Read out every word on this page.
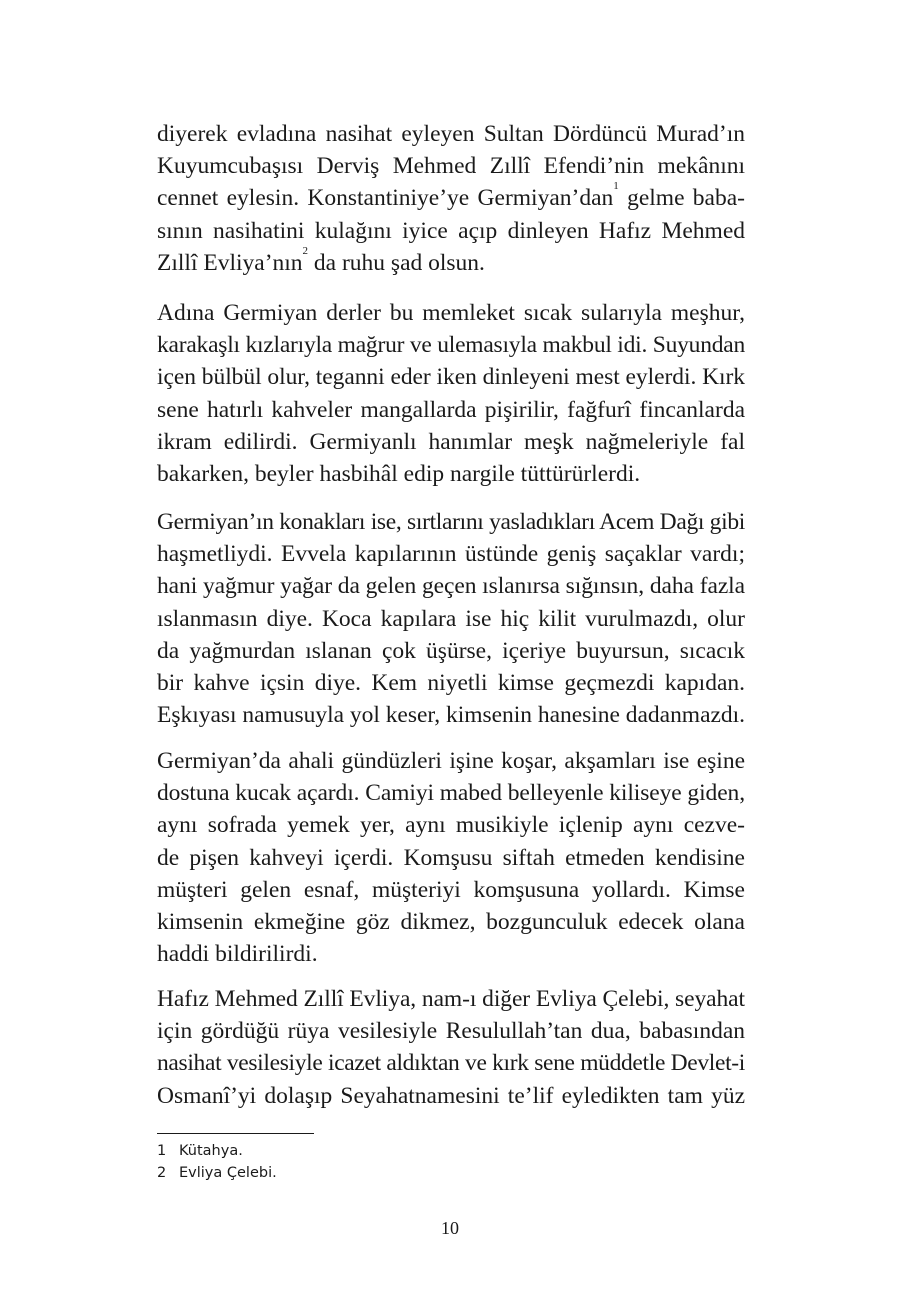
diyerek evladına nasihat eyleyen Sultan Dördüncü Murad’ın
Kuyumcubaşısı Derviş Mehmed Zıllî Efendi’nin mekânını
cennet eylesin. Konstantiniye’ye Germiyan’dan$^1$ gelme baba-
sının nasihatini kulağını iyice açıp dinleyen Hafız Mehmed
Zıllî Evliya’nın$^2$ da ruhu şad olsun.
Adına Germiyan derler bu memleket sıcak sularıyla meşhur,
karakaşlı kızlarıyla mağrur ve ulemasıyla makbul idi. Suyundan
içen bülbül olur, teganni eder iken dinleyeni mest eylerdi. Kırk
sene hatırlı kahveler mangallarda pişirilir, fağfurî fincanlarda
ikram edilirdi. Germiyanlı hanımlar meşk nağmeleriyle fal
bakarken, beyler hasbihâl edip nargile tüttürürlerdi.
Germiyan’ın konakları ise, sırtlarını yasladıkları Acem Dağı gibi
haşmetliydi. Evvela kapılarının üstünde geniş saçaklar vardı;
hani yağmur yağar da gelen geçen ıslanırsa sığınsın, daha fazla
ıslanmasın diye. Koca kapılara ise hiç kilit vurulmazdı, olur
da yağmurdan ıslanan çok üşürse, içeriye buyursun, sıcacık
bir kahve içsin diye. Kem niyetli kimse geçmezdi kapıdan.
Eşkıyası namusuyla yol keser, kimsenin hanesine dadanmazdı.
Germiyan’da ahali gündüzleri işine koşar, akşamları ise eşine
dostuna kucak açardı. Camiyi mabed belleyenle kiliseye giden,
aynı sofrada yemek yer, aynı musikiyle içlenip aynı cezve-
de pişen kahveyi içerdi. Komşusu siftah etmeden kendisine
müşteri gelen esnaf, müşteriyi komşusuna yollardı. Kimse
kimsenin ekmeğine göz dikmez, bozgunculuk edecek olana
haddi bildirilirdi.
Hafız Mehmed Zıllî Evliya, nam-ı diğer Evliya Çelebi, seyahat
için gördüğü rüya vesilesiyle Resulullah’tan dua, babasından
nasihat vesilesiyle icazet aldıktan ve kırk sene müddetle Devlet-i
Osmanî’yi dolaşıp Seyahatnamesini te’lif eyledikten tam yüz
1 Kütahya.
2 Evliya Çelebi.
10
